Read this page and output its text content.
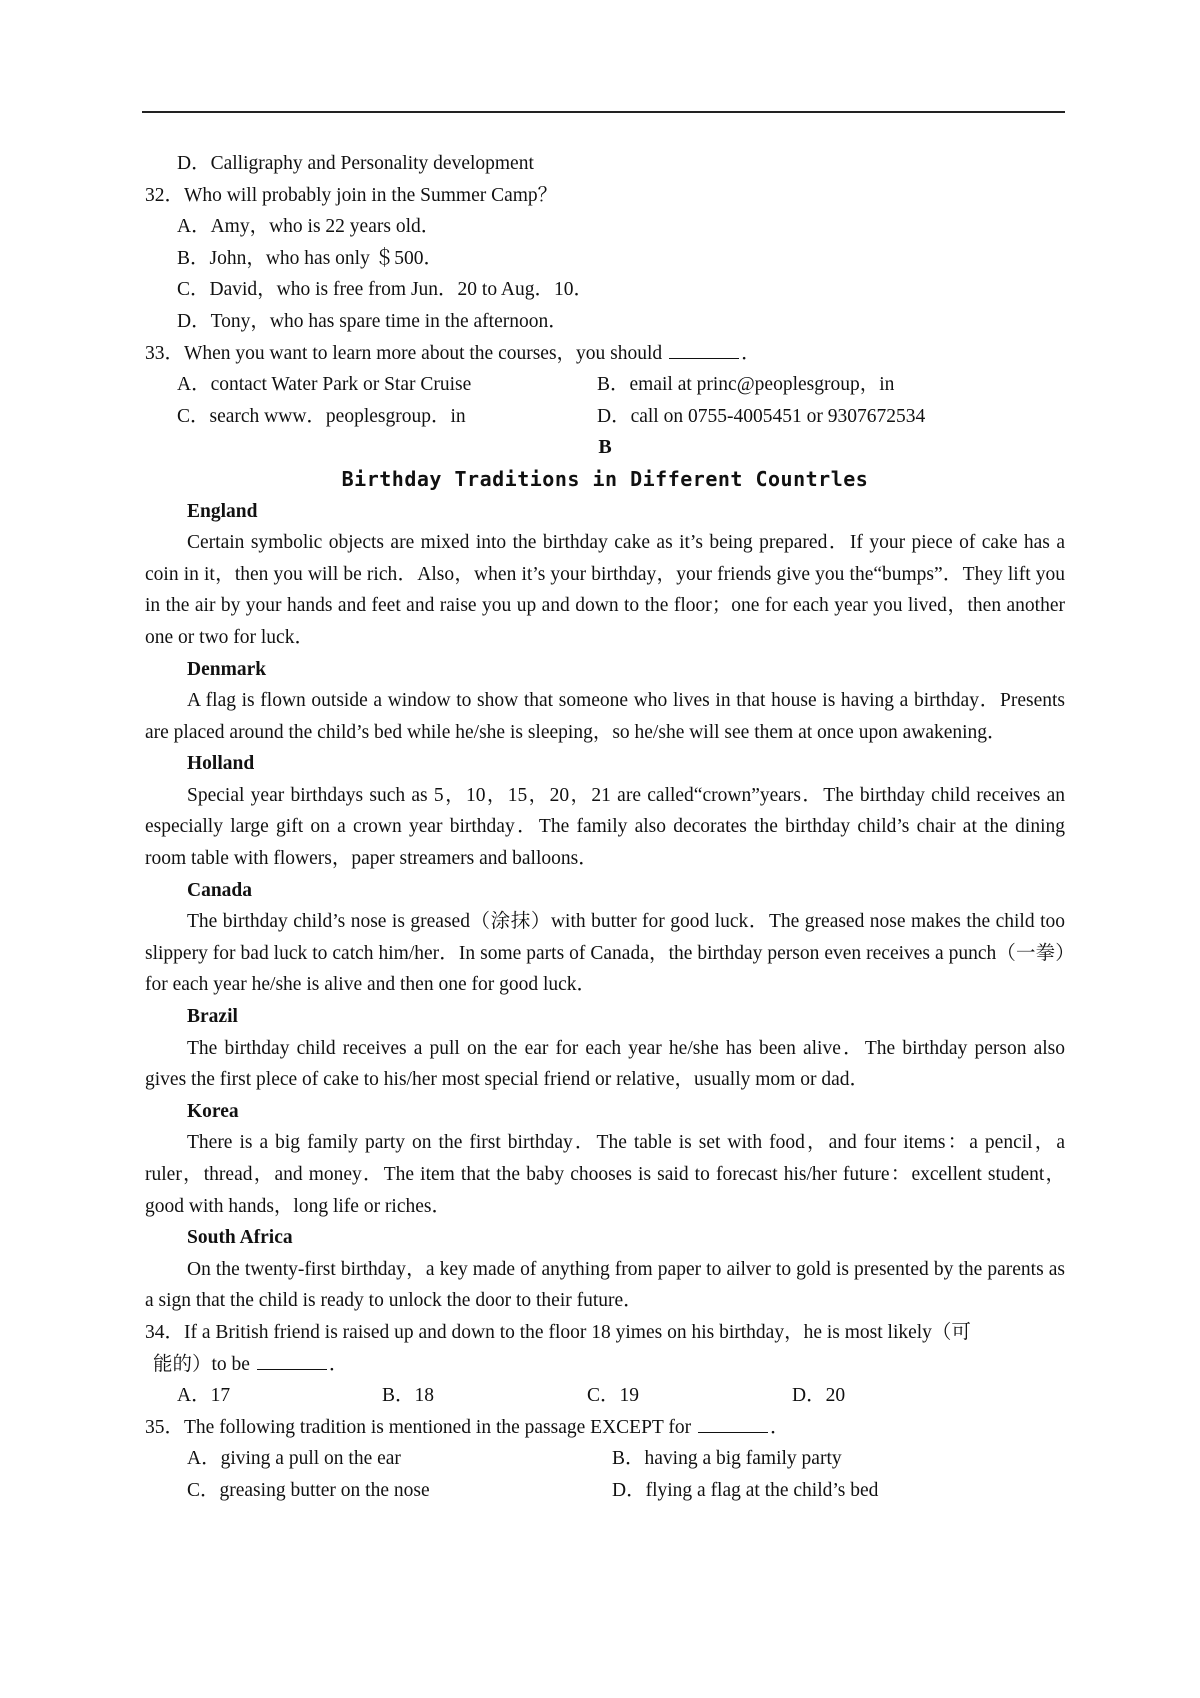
D．Calligraphy and Personality development

32．Who will probably join in the Summer Camp？

A．Amy，who is 22 years old．

B．John，who has only ＄500．

C．David，who is free from Jun．20 to Aug．10．

D．Tony，who has spare time in the afternoon．

33．When you want to learn more about the courses，you should	．

A．contact Water Park or Star Cruise	B．email at princ@peoplesgroup，in
C．search www．peoplesgroup．in	D．call on 0755-4005451 or 9307672534

B

Birthday Traditions in Different Countrles

England

Certain symbolic objects are mixed into the birthday cake as it’s being prepared．If your piece of cake has a coin in it，then you will be rich．Also，when it’s your birthday，your friends give you the“bumps”．They lift you in the air by your hands and feet and raise you up and down to the floor；one for each year you lived，then another one or two for luck．

Denmark

A flag is flown outside a window to show that someone who lives in that house is having a birthday．Presents are placed around the child’s bed while he/she is sleeping，so he/she will see them at once upon awakening．

Holland

Special year birthdays such as 5，10，15，20，21 are called“crown”years．The birthday child receives an especially large gift on a crown year birthday．The family also decorates the birthday child’s chair at the dining room table with flowers，paper streamers and balloons．

Canada

The birthday child’s nose is greased（涂抹）with butter for good luck．The greased nose makes the child too slippery for bad luck to catch him/her．In some parts of Canada，the birthday person even receives a punch（一拳）for each year he/she is alive and then one for good luck．

Brazil

The birthday child receives a pull on the ear for each year he/she has been alive．The birthday person also gives the first plece of cake to his/her most special friend or relative，usually mom or dad．

Korea

There is a big family party on the first birthday．The table is set with food，and four items：a pencil，a ruler，thread，and money．The item that the baby chooses is said to forecast his/her future：excellent student，good with hands，long life or riches．

South Africa

On the twenty-first birthday，a key made of anything from paper to ailver to gold is presented by the parents as a sign that the child is ready to unlock the door to their future．

34．If a British friend is raised up and down to the floor 18 yimes on his birthday，he is most likely（可

能的）to be	．

A．17	B．18	C．19	D．20

35．The following tradition is mentioned in the passage EXCEPT for	．

A．giving a pull on the ear	B．having a big family party
C．greasing butter on the nose	D．flying a flag at the child’s bed
